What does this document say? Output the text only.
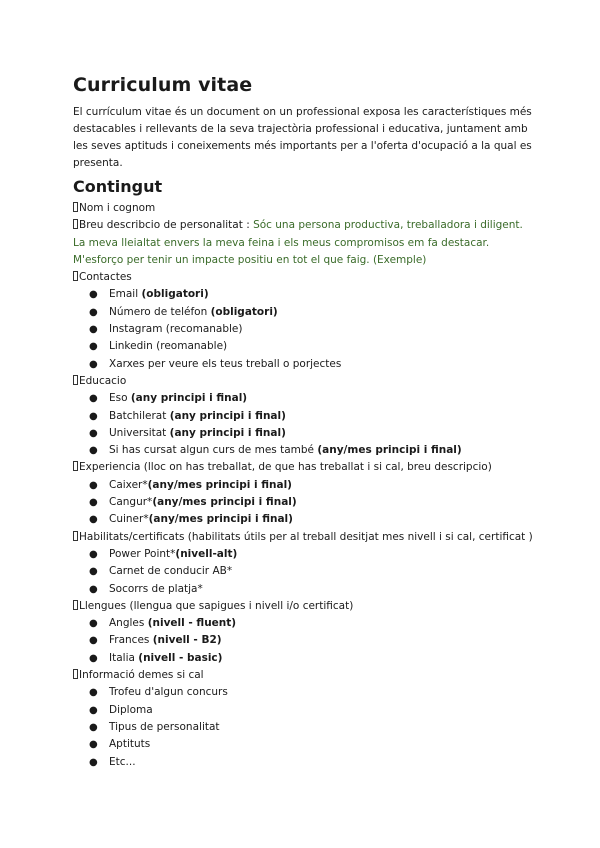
Curriculum vitae

El currículum vitae és un document on un professional exposa les característiques més destacables i rellevants de la seva trajectòria professional i educativa, juntament amb les seves aptituds i coneixements més importants per a l'oferta d'ocupació a la qual es presenta.

Contingut
Nom i cognom
Breu describcio de personalitat : Sóc una persona productiva, treballadora i diligent. La meva lleialtat envers la meva feina i els meus compromisos em fa destacar. M'esforço per tenir un impacte positiu en tot el que faig. (Exemple)
Contactes
● Email (obligatori)
● Número de teléfon (obligatori)
● Instagram (recomanable)
● Linkedin (reomanable)
● Xarxes per veure els teus treball o porjectes
Educacio
● Eso (any principi i final)
● Batchilerat (any principi i final)
● Universitat (any principi i final)
● Si has cursat algun curs de mes també (any/mes principi i final)
Experiencia (lloc on has treballat, de que has treballat i si cal, breu descripcio)
● Caixer*(any/mes principi i final)
● Cangur*(any/mes principi i final)
● Cuiner*(any/mes principi i final)
Habilitats/certificats (habilitats útils per al treball desitjat mes nivell i si cal, certificat )
● Power Point*(nivell-alt)
● Carnet de conducir AB*
● Socorrs de platja*
Llengues (llengua que sapigues i nivell i/o certificat)
● Angles (nivell - fluent)
● Frances (nivell - B2)
● Italia (nivell - basic)
Informació demes si cal
● Trofeu d'algun concurs
● Diploma
● Tipus de personalitat
● Aptituts
● Etc...
